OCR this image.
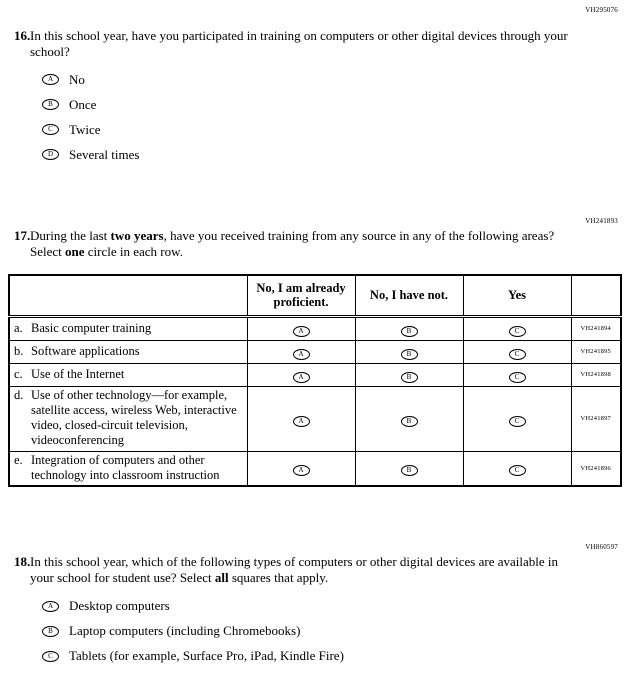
VH295076
16. In this school year, have you participated in training on computers or other digital devices through your school?
A	No
B	Once
C	Twice
D	Several times
VH241893
17. During the last two years, have you received training from any source in any of the following areas? Select one circle in each row.
	No, I am already proficient.	No, I have not.	Yes	

a. Basic computer training	A	B	C	VH241894

b. Software applications	A	B	C	VH241895

c. Use of the Internet	A	B	C	VH241898

d. Use of other technology—for example, satellite access, wireless Web, interactive video, closed-circuit television, videoconferencing	A	B	C	VH241897

e. Integration of computers and other technology into classroom instruction	A	B	C	VH241896
VH860597
18. In this school year, which of the following types of computers or other digital devices are available in your school for student use? Select all squares that apply.
A	Desktop computers
B	Laptop computers (including Chromebooks)
C	Tablets (for example, Surface Pro, iPad, Kindle Fire)
